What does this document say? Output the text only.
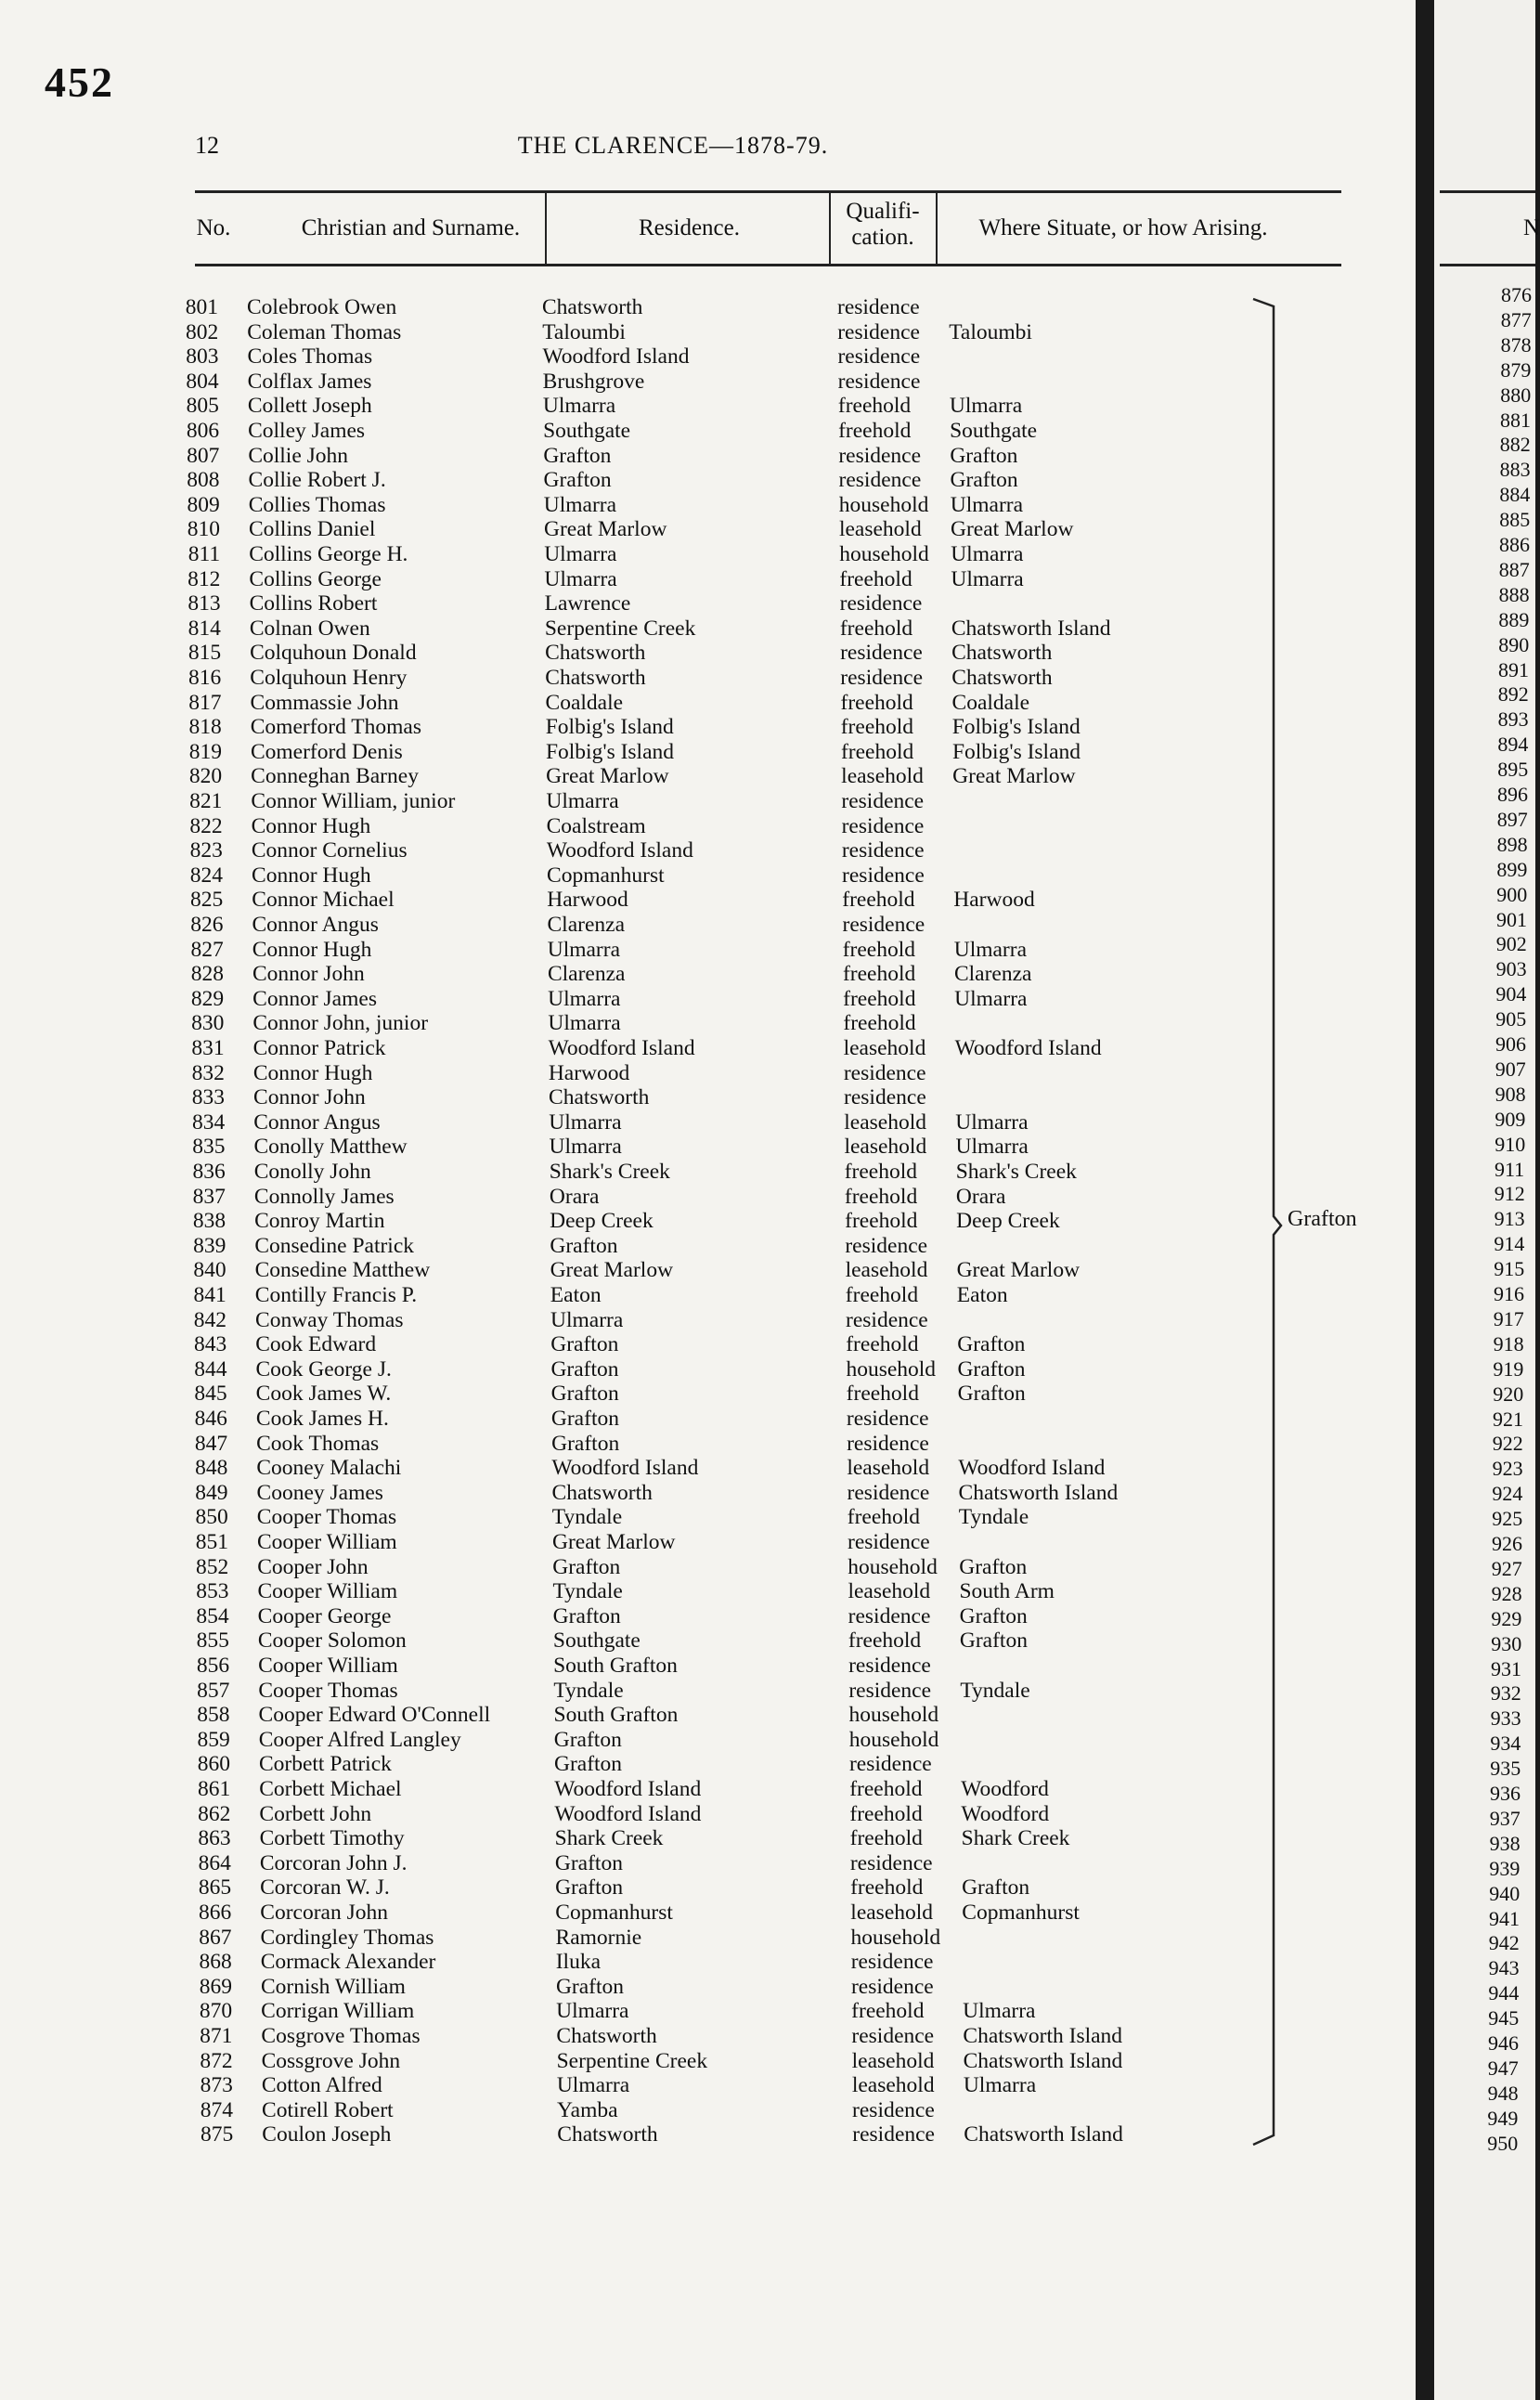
452
12	THE CLARENCE—1878-79.
No.	Christian and Surname.	Residence.
Qualifi-
cation.	Where Situate, or how Arising.
801 Colebrook Owen	Chatsworth	residence
802 Coleman Thomas	Taloumbi	residence Taloumbi
803 Coles Thomas	Woodford Island	residence
804 Colflax James	Brushgrove	residence
805 Collett Joseph	Ulmarra	freehold Ulmarra
806 Colley James	Southgate	freehold Southgate
807 Collie John	Grafton	residence Grafton
808 Collie Robert J.	Grafton	residence Grafton
809 Collies Thomas	Ulmarra	household Ulmarra
810 Collins Daniel	Great Marlow	leasehold Great Marlow
811 Collins George H.	Ulmarra	household Ulmarra
812 Collins George	Ulmarra	freehold Ulmarra
813 Collins Robert	Lawrence	residence
814 Colnan Owen	Serpentine Creek	freehold Chatsworth Island
815 Colquhoun Donald	Chatsworth	residence Chatsworth
816 Colquhoun Henry	Chatsworth	residence Chatsworth
817 Commassie John	Coaldale	freehold Coaldale
818 Comerford Thomas	Folbig's Island	freehold Folbig's Island
819 Comerford Denis	Folbig's Island	freehold Folbig's Island
820 Conneghan Barney	Great Marlow	leasehold Great Marlow
821 Connor William, junior	Ulmarra	residence
822 Connor Hugh	Coalstream	residence
823 Connor Cornelius	Woodford Island	residence
824 Connor Hugh	Copmanhurst	residence
825 Connor Michael	Harwood	freehold Harwood
826 Connor Angus	Clarenza	residence
827 Connor Hugh	Ulmarra	freehold Ulmarra
828 Connor John	Clarenza	freehold Clarenza
829 Connor James	Ulmarra	freehold Ulmarra
830 Connor John, junior	Ulmarra	freehold
831 Connor Patrick	Woodford Island	leasehold Woodford Island
832 Connor Hugh	Harwood	residence
833 Connor John	Chatsworth	residence
834 Connor Angus	Ulmarra	leasehold Ulmarra
835 Conolly Matthew	Ulmarra	leasehold Ulmarra
836 Conolly John	Shark's Creek	freehold Shark's Creek
837 Connolly James	Orara	freehold Orara
838 Conroy Martin	Deep Creek	freehold Deep Creek
839 Consedine Patrick	Grafton	residence
840 Consedine Matthew	Great Marlow	leasehold Great Marlow
841 Contilly Francis P.	Eaton	freehold Eaton
842 Conway Thomas	Ulmarra	residence
843 Cook Edward	Grafton	freehold Grafton
844 Cook George J.	Grafton	household Grafton
845 Cook James W.	Grafton	freehold Grafton
846 Cook James H.	Grafton	residence
847 Cook Thomas	Grafton	residence
848 Cooney Malachi	Woodford Island	leasehold Woodford Island
849 Cooney James	Chatsworth	residence Chatsworth Island
850 Cooper Thomas	Tyndale	freehold Tyndale
851 Cooper William	Great Marlow	residence
852 Cooper John	Grafton	household Grafton
853 Cooper William	Tyndale	leasehold South Arm
854 Cooper George	Grafton	residence Grafton
855 Cooper Solomon	Southgate	freehold Grafton
856 Cooper William	South Grafton	residence
857 Cooper Thomas	Tyndale	residence Tyndale
858 Cooper Edward O'Connell	South Grafton	household
859 Cooper Alfred Langley	Grafton	household
860 Corbett Patrick	Grafton	residence
861 Corbett Michael	Woodford Island	freehold Woodford
862 Corbett John	Woodford Island	freehold Woodford
863 Corbett Timothy	Shark Creek	freehold Shark Creek
864 Corcoran John J.	Grafton	residence
865 Corcoran W. J.	Grafton	freehold Grafton
866 Corcoran John	Copmanhurst	leasehold Copmanhurst
867 Cordingley Thomas	Ramornie	household
868 Cormack Alexander	Iluka	residence
869 Cornish William	Grafton	residence
870 Corrigan William	Ulmarra	freehold Ulmarra
871 Cosgrove Thomas	Chatsworth	residence Chatsworth Island
872 Cossgrove John	Serpentine Creek	leasehold Chatsworth Island
873 Cotton Alfred	Ulmarra	leasehold Ulmarra
874 Cotirell Robert	Yamba	residence
875 Coulon Joseph	Chatsworth	residence Chatsworth Island
Grafton
N
876
877
878
879
880
881
882
883
884
885
886
887
888
889
890
891
892
893
894
895
896
897
898
899
900
901
902
903
904
905
906
907
908
909
910
911
912
913
914
915
916
917
918
919
920
921
922
923
924
925
926
927
928
929
930
931
932
933
934
935
936
937
938
939
940
941
942
943
944
945
946
947
948
949
950
